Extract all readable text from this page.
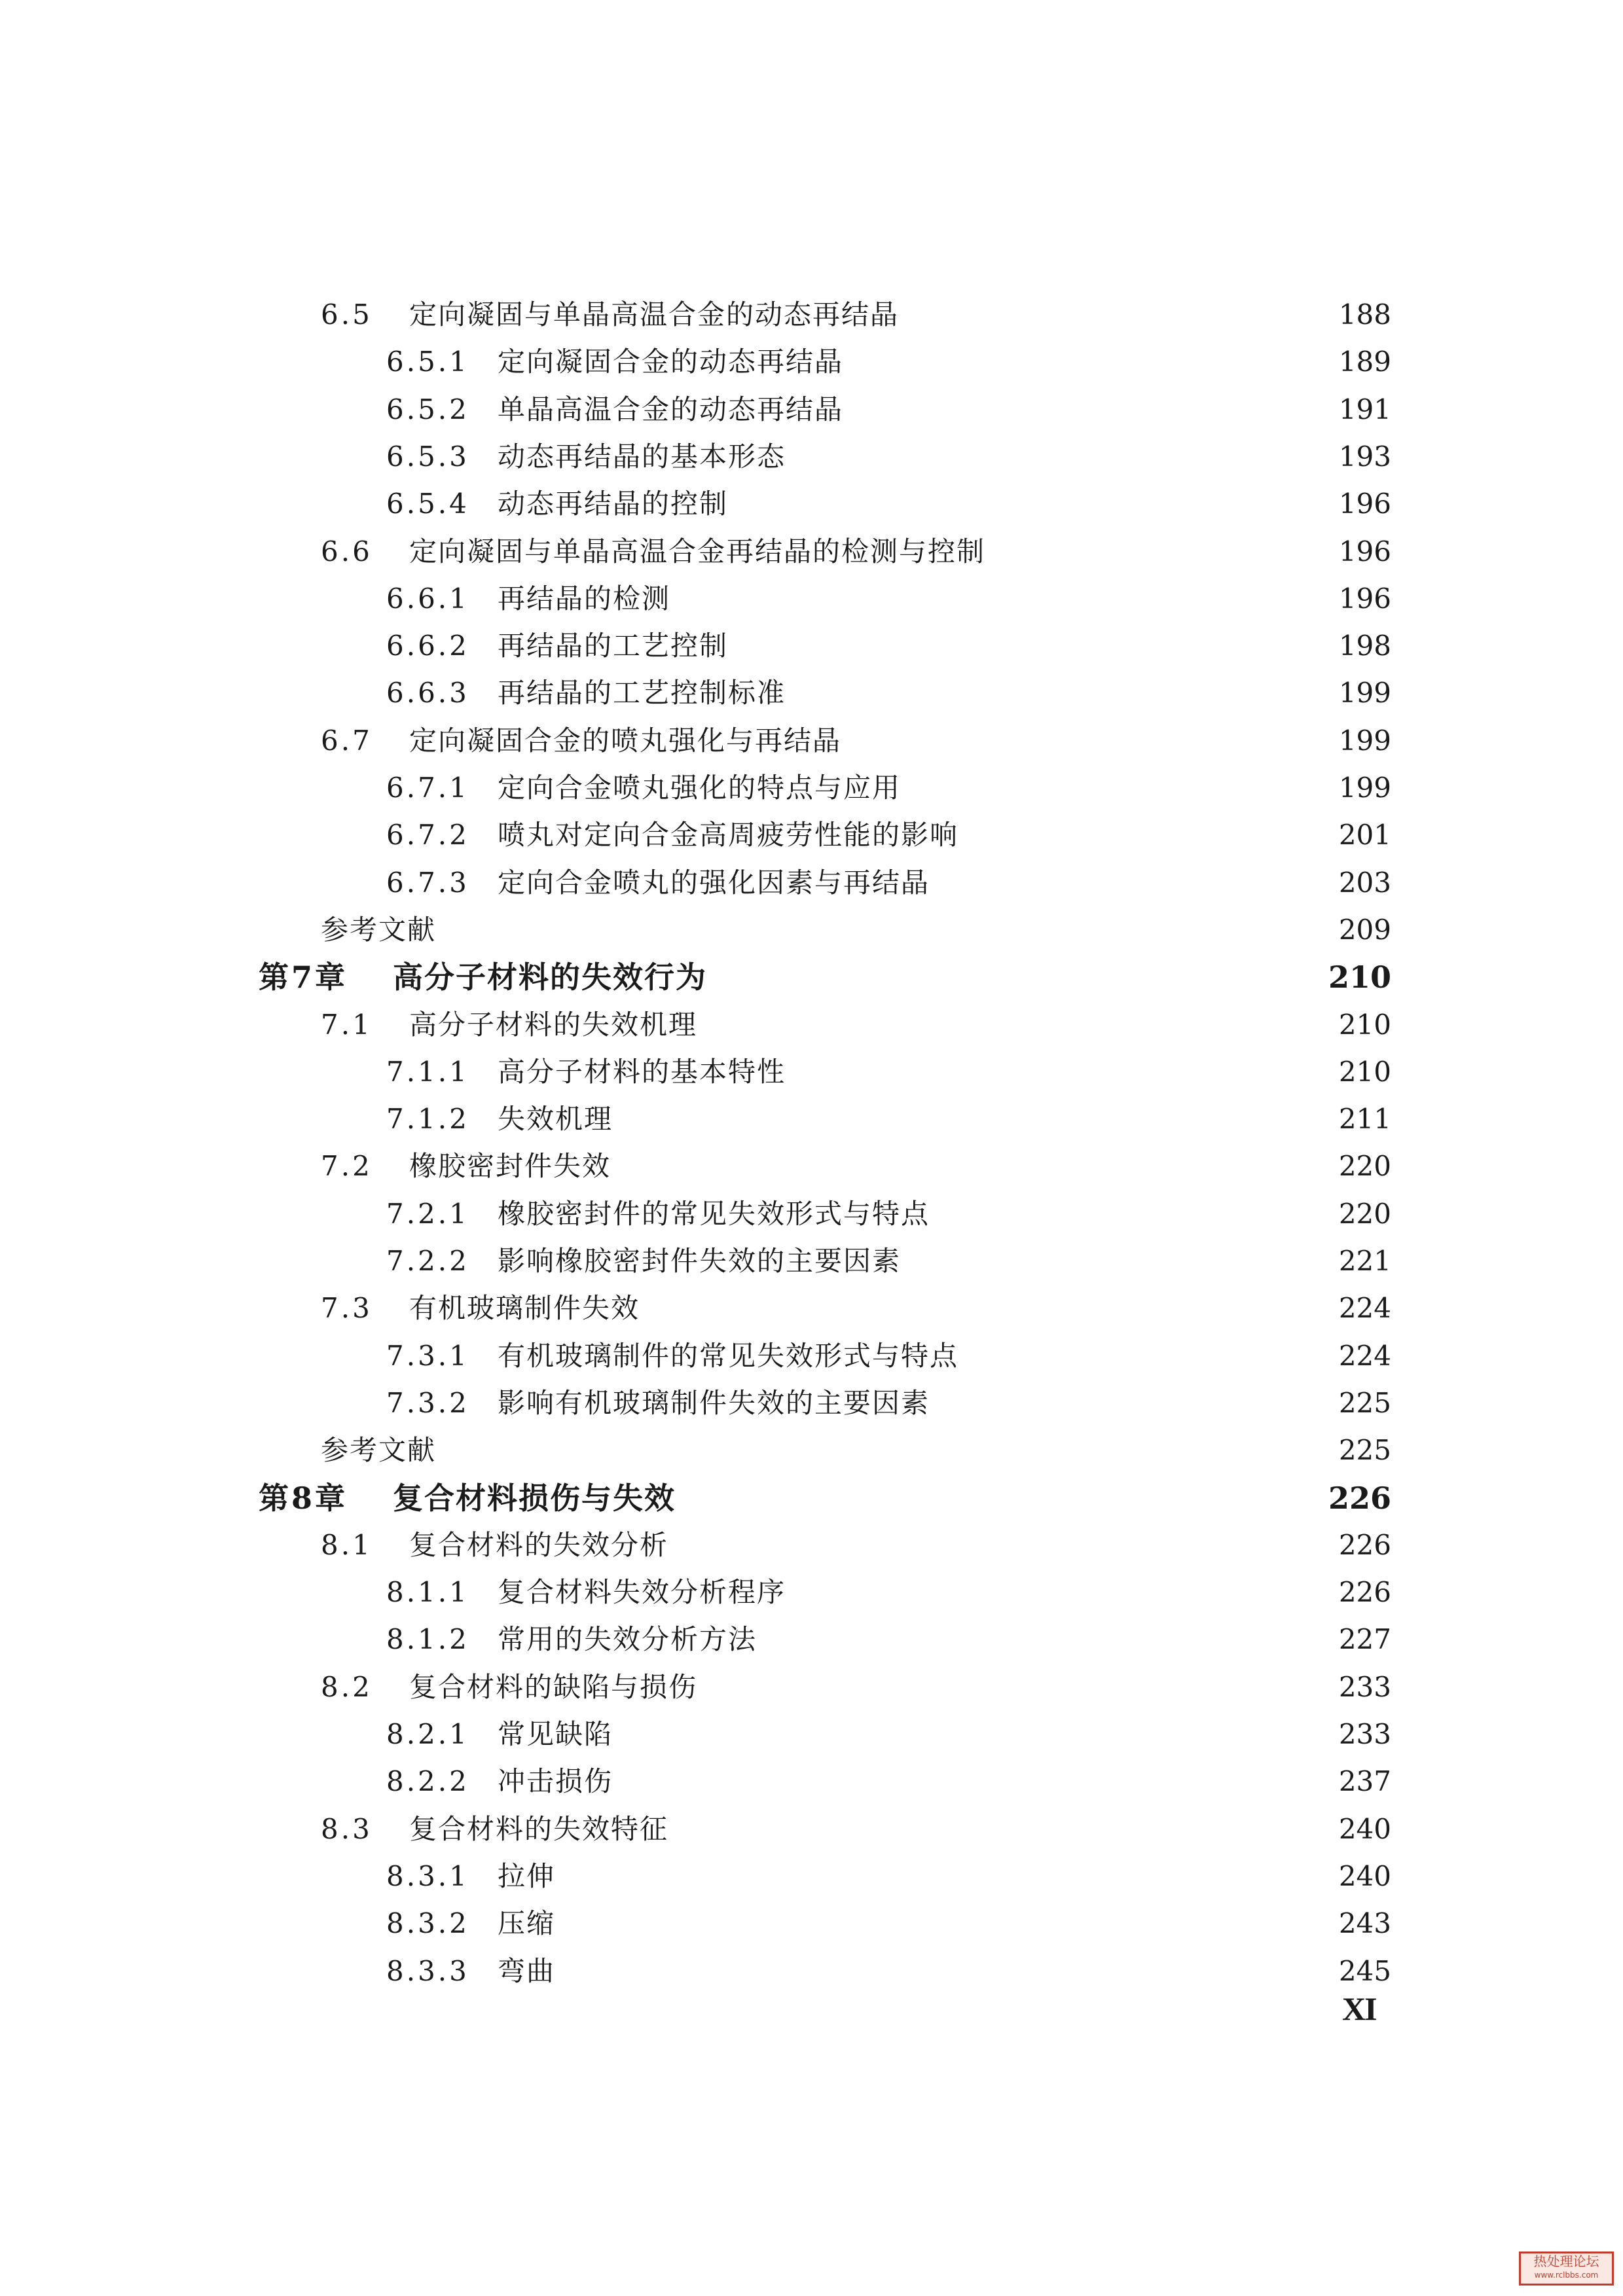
6.5	定向凝固与单晶高温合金的动态再结晶	188
6.5.1	定向凝固合金的动态再结晶	189
6.5.2	单晶高温合金的动态再结晶	191
6.5.3	动态再结晶的基本形态	193
6.5.4	动态再结晶的控制	196
6.6	定向凝固与单晶高温合金再结晶的检测与控制	196
6.6.1	再结晶的检测	196
6.6.2	再结晶的工艺控制	198
6.6.3	再结晶的工艺控制标准	199
6.7	定向凝固合金的喷丸强化与再结晶	199
6.7.1	定向合金喷丸强化的特点与应用	199
6.7.2	喷丸对定向合金高周疲劳性能的影响	201
6.7.3	定向合金喷丸的强化因素与再结晶	203
参考文献	209
第7章	高分子材料的失效行为	210
7.1	高分子材料的失效机理	210
7.1.1	高分子材料的基本特性	210
7.1.2	失效机理	211
7.2	橡胶密封件失效	220
7.2.1	橡胶密封件的常见失效形式与特点	220
7.2.2	影响橡胶密封件失效的主要因素	221
7.3	有机玻璃制件失效	224
7.3.1	有机玻璃制件的常见失效形式与特点	224
7.3.2	影响有机玻璃制件失效的主要因素	225
参考文献	225
第8章	复合材料损伤与失效	226
8.1	复合材料的失效分析	226
8.1.1	复合材料失效分析程序	226
8.1.2	常用的失效分析方法	227
8.2	复合材料的缺陷与损伤	233
8.2.1	常见缺陷	233
8.2.2	冲击损伤	237
8.3	复合材料的失效特征	240
8.3.1	拉伸	240
8.3.2	压缩	243
8.3.3	弯曲	245
XI
热处理论坛
www.rclbbs.com
